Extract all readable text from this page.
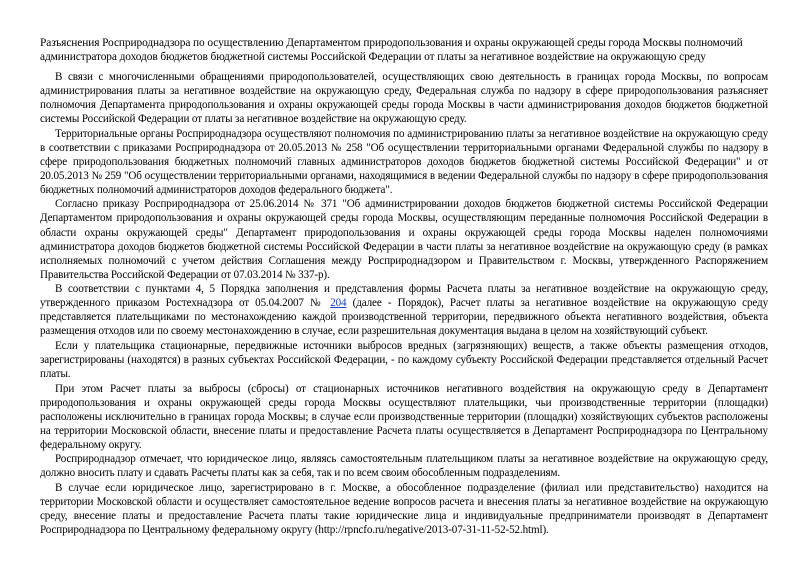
Разъяснения Росприроднадзора по осуществлению Департаментом природопользования и охраны окружающей среды города Москвы полномочий администратора доходов бюджетов бюджетной системы Российской Федерации от платы за негативное воздействие на окружающую среду

В связи с многочисленными обращениями природопользователей, осуществляющих свою деятельность в границах города Москвы, по вопросам администрирования платы за негативное воздействие на окружающую среду, Федеральная служба по надзору в сфере природопользования разъясняет полномочия Департамента природопользования и охраны окружающей среды города Москвы в части администрирования доходов бюджетов бюджетной системы Российской Федерации от платы за негативное воздействие на окружающую среду.

Территориальные органы Росприроднадзора осуществляют полномочия по администрированию платы за негативное воздействие на окружающую среду в соответствии с приказами Росприроднадзора от 20.05.2013 № 258 "Об осуществлении территориальными органами Федеральной службы по надзору в сфере природопользования бюджетных полномочий главных администраторов доходов бюджетов бюджетной системы Российской Федерации" и от 20.05.2013 № 259 "Об осуществлении территориальными органами, находящимися в ведении Федеральной службы по надзору в сфере природопользования бюджетных полномочий администраторов доходов федерального бюджета".

Согласно приказу Росприроднадзора от 25.06.2014 № 371 "Об администрировании доходов бюджетов бюджетной системы Российской Федерации Департаментом природопользования и охраны окружающей среды города Москвы, осуществляющим переданные полномочия Российской Федерации в области охраны окружающей среды" Департамент природопользования и охраны окружающей среды города Москвы наделен полномочиями администратора доходов бюджетов бюджетной системы Российской Федерации в части платы за негативное воздействие на окружающую среду (в рамках исполняемых полномочий с учетом действия Соглашения между Росприроднадзором и Правительством г. Москвы, утвержденного Распоряжением Правительства Российской Федерации от 07.03.2014 № 337-р).

В соответствии с пунктами 4, 5 Порядка заполнения и представления формы Расчета платы за негативное воздействие на окружающую среду, утвержденного приказом Ростехнадзора от 05.04.2007 № 204 (далее - Порядок), Расчет платы за негативное воздействие на окружающую среду представляется плательщиками по местонахождению каждой производственной территории, передвижного объекта негативного воздействия, объекта размещения отходов или по своему местонахождению в случае, если разрешительная документация выдана в целом на хозяйствующий субъект.

Если у плательщика стационарные, передвижные источники выбросов вредных (загрязняющих) веществ, а также объекты размещения отходов, зарегистрированы (находятся) в разных субъектах Российской Федерации, - по каждому субъекту Российской Федерации представляется отдельный Расчет платы.

При этом Расчет платы за выбросы (сбросы) от стационарных источников негативного воздействия на окружающую среду в Департамент природопользования и охраны окружающей среды города Москвы осуществляют плательщики, чьи производственные территории (площадки) расположены исключительно в границах города Москвы; в случае если производственные территории (площадки) хозяйствующих субъектов расположены на территории Московской области, внесение платы и предоставление Расчета платы осуществляется в Департамент Росприроднадзора по Центральному федеральному округу.

Росприроднадзор отмечает, что юридическое лицо, являясь самостоятельным плательщиком платы за негативное воздействие на окружающую среду, должно вносить плату и сдавать Расчеты платы как за себя, так и по всем своим обособленным подразделениям.

В случае если юридическое лицо, зарегистрировано в г. Москве, а обособленное подразделение (филиал или представительство) находится на территории Московской области и осуществляет самостоятельное ведение вопросов расчета и внесения платы за негативное воздействие на окружающую среду, внесение платы и предоставление Расчета платы такие юридические лица и индивидуальные предприниматели производят в Департамент Росприроднадзора по Центральному федеральному округу (http://rpncfo.ru/negative/2013-07-31-11-52-52.html).
